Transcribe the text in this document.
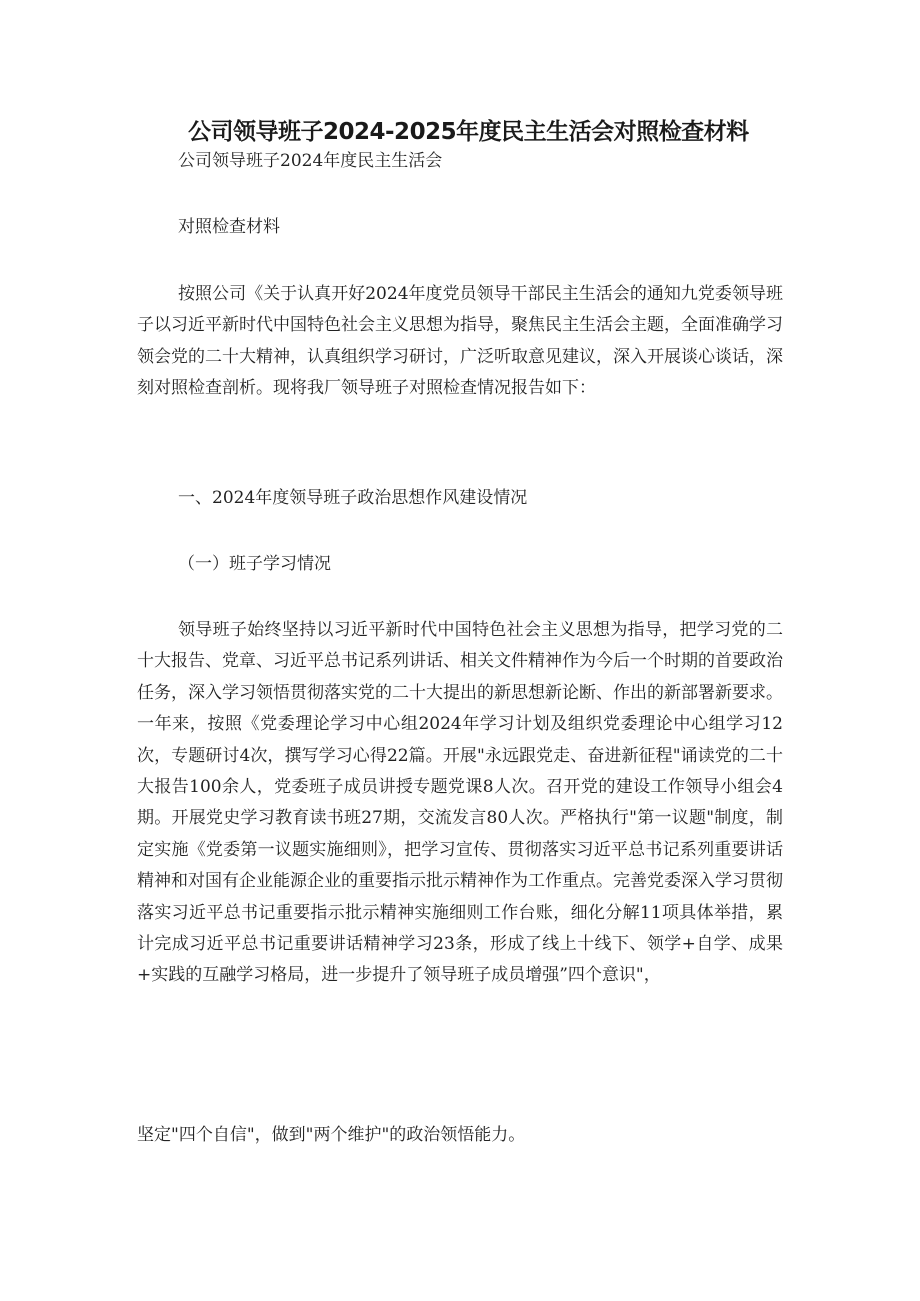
公司领导班子2024-2025年度民主生活会对照检查材料
公司领导班子2024年度民主生活会
对照检查材料
按照公司《关于认真开好2024年度党员领导干部民主生活会的通知九党委领导班子以习近平新时代中国特色社会主义思想为指导，聚焦民主生活会主题，全面准确学习领会党的二十大精神，认真组织学习研讨，广泛听取意见建议，深入开展谈心谈话，深刻对照检查剖析。现将我厂领导班子对照检查情况报告如下：
一、2024年度领导班子政治思想作风建设情况
（一）班子学习情况
领导班子始终坚持以习近平新时代中国特色社会主义思想为指导，把学习党的二十大报告、党章、习近平总书记系列讲话、相关文件精神作为今后一个时期的首要政治任务，深入学习领悟贯彻落实党的二十大提出的新思想新论断、作出的新部署新要求。一年来，按照《党委理论学习中心组2024年学习计划及组织党委理论中心组学习12次，专题研讨4次，撰写学习心得22篇。开展"永远跟党走、奋进新征程"诵读党的二十大报告100余人，党委班子成员讲授专题党课8人次。召开党的建设工作领导小组会4期。开展党史学习教育读书班27期，交流发言80人次。严格执行"第一议题"制度，制定实施《党委第一议题实施细则》，把学习宣传、贯彻落实习近平总书记系列重要讲话精神和对国有企业能源企业的重要指示批示精神作为工作重点。完善党委深入学习贯彻落实习近平总书记重要指示批示精神实施细则工作台账，细化分解11项具体举措，累计完成习近平总书记重要讲话精神学习23条，形成了线上十线下、领学+自学、成果+实践的互融学习格局，进一步提升了领导班子成员增强”四个意识"，
坚定"四个自信"，做到"两个维护"的政治领悟能力。
